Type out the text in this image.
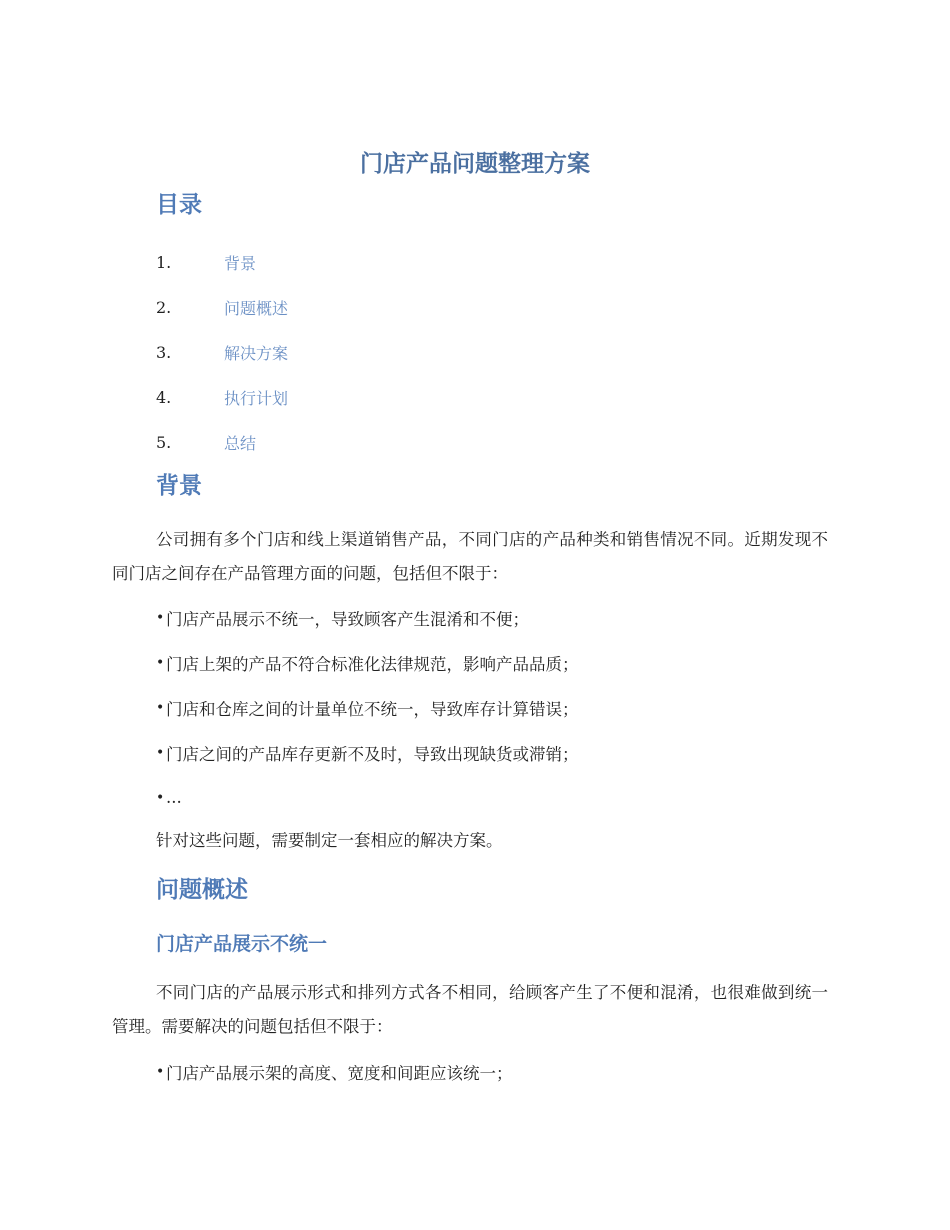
门店产品问题整理方案
目录
1.	背景
2.	问题概述
3.	解决方案
4.	执行计划
5.	总结
背景

公司拥有多个门店和线上渠道销售产品，不同门店的产品种类和销售情况不同。近期发现不同门店之间存在产品管理方面的问题，包括但不限于：

• 门店产品展示不统一，导致顾客产生混淆和不便；
• 门店上架的产品不符合标准化法律规范，影响产品品质；
• 门店和仓库之间的计量单位不统一，导致库存计算错误；
• 门店之间的产品库存更新不及时，导致出现缺货或滞销；
• ...

针对这些问题，需要制定一套相应的解决方案。

问题概述
门店产品展示不统一

不同门店的产品展示形式和排列方式各不相同，给顾客产生了不便和混淆，也很难做到统一管理。需要解决的问题包括但不限于：

• 门店产品展示架的高度、宽度和间距应该统一；
